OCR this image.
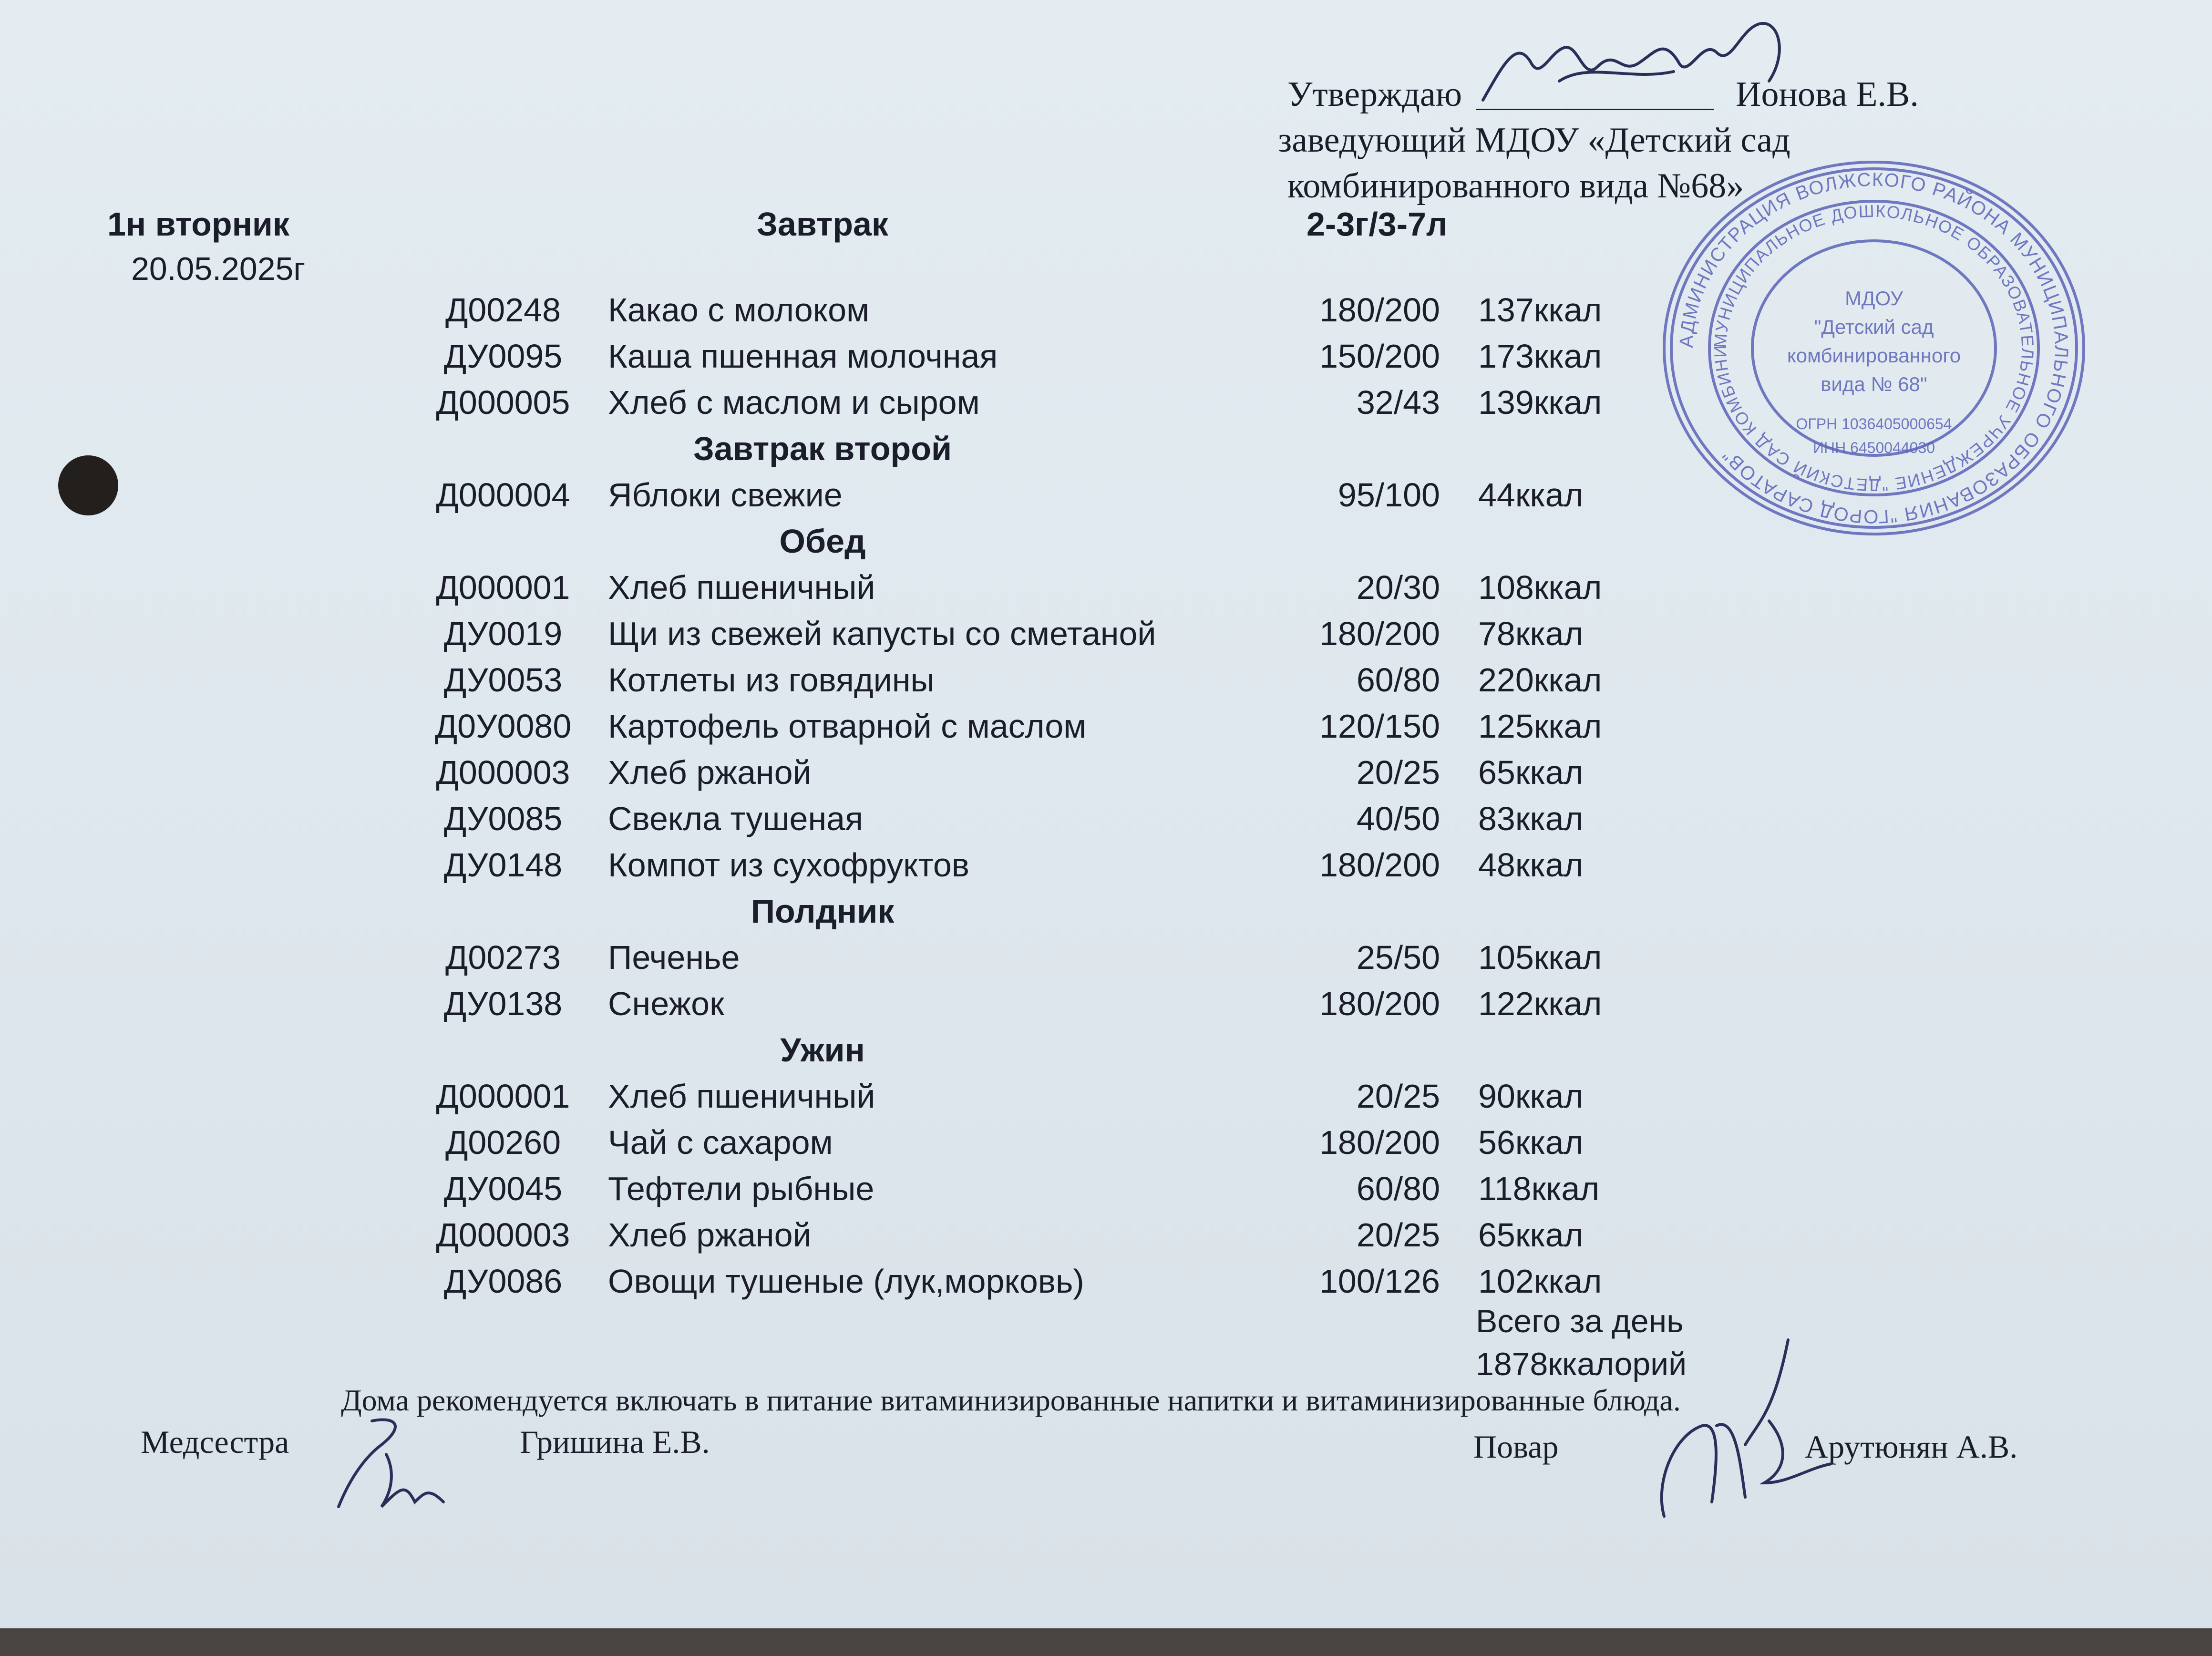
Утверждаю	Ионова Е.В.
заведующий МДОУ «Детский сад
комбинированного вида №68»
1н вторник
20.05.2025г
2-3г/3-7л
Завтрак
Д00248	Какао с молоком	180/200 137ккал
ДУ0095	Каша пшенная молочная	150/200 173ккал
Д000005	Хлеб с маслом и сыром	32/43 139ккал
Завтрак второй
Д000004	Яблоки свежие	95/100 44ккал
Обед
Д000001	Хлеб пшеничный	20/30 108ккал
ДУ0019	Щи из свежей капусты со сметаной	180/200 78ккал
ДУ0053	Котлеты из говядины	60/80 220ккал
Д0У0080	Картофель отварной с маслом	120/150 125ккал
Д000003	Хлеб ржаной	20/25 65ккал
ДУ0085	Свекла тушеная	40/50 83ккал
ДУ0148	Компот из сухофруктов	180/200 48ккал
Полдник
Д00273	Печенье	25/50 105ккал
ДУ0138	Снежок	180/200 122ккал
Ужин
Д000001	Хлеб пшеничный	20/25 90ккал
Д00260	Чай с сахаром	180/200 56ккал
ДУ0045	Тефтели рыбные	60/80 118ккал
Д000003	Хлеб ржаной	20/25 65ккал
ДУ0086	Овощи тушеные (лук,морковь)	100/126 102ккал
Всего за день
1878ккалорий
Дома рекомендуется включать в питание витаминизированные напитки и витаминизированные блюда.
Медсестра	Гришина Е.В.	Повар	Арутюнян А.В.
АДМИНИСТРАЦИЯ ВОЛЖСКОГО РАЙОНА МУНИЦИПАЛЬНОГО ОБРАЗОВАНИЯ "ГОРОД САРАТОВ"
МУНИЦИПАЛЬНОЕ ДОШКОЛЬНОЕ ОБРАЗОВАТЕЛЬНОЕ УЧРЕЖДЕНИЕ "ДЕТСКИЙ САД КОМБИНИ
МДОУ
"Детский сад
комбинированного
вида № 68"
ОГРН 1036405000654
ИНН 6450044030
